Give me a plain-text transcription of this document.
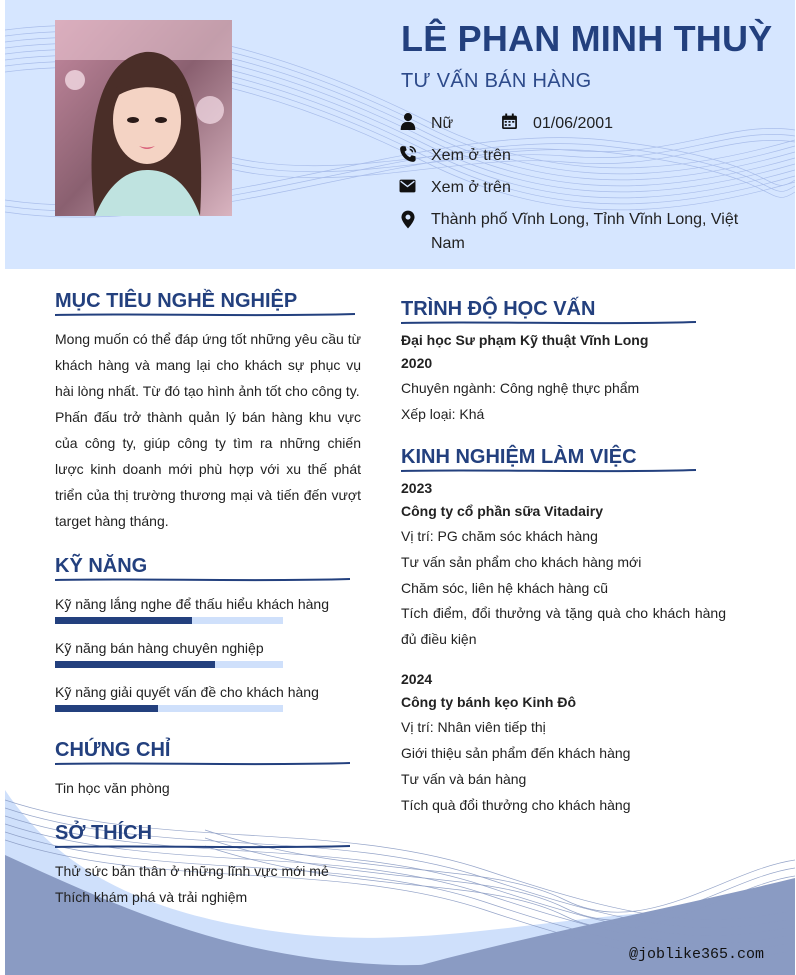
LÊ PHAN MINH THUỲ
TƯ VẤN BÁN HÀNG
Nữ	01/06/2001
Xem ở trên
Xem ở trên
Thành phố Vĩnh Long, Tỉnh Vĩnh Long, Việt Nam
MỤC TIÊU NGHỀ NGHIỆP
Mong muốn có thể đáp ứng tốt những yêu cầu từ khách hàng và mang lại cho khách sự phục vụ hài lòng nhất. Từ đó tạo hình ảnh tốt cho công ty.
Phấn đấu trở thành quản lý bán hàng khu vực của công ty, giúp công ty tìm ra những chiến lược kinh doanh mới phù hợp với xu thế phát triển của thị trường thương mại và tiến đến vượt target hàng tháng.
KỸ NĂNG
Kỹ năng lắng nghe để thấu hiểu khách hàng
Kỹ năng bán hàng chuyên nghiệp
Kỹ năng giải quyết vấn đề cho khách hàng
CHỨNG CHỈ
Tin học văn phòng
SỞ THÍCH
Thử sức bản thân ở những lĩnh vực mới mẻ
Thích khám phá và trải nghiệm
TRÌNH ĐỘ HỌC VẤN
Đại học Sư phạm Kỹ thuật Vĩnh Long
2020
Chuyên ngành: Công nghệ thực phẩm
Xếp loại: Khá
KINH NGHIỆM LÀM VIỆC
2023
Công ty cổ phần sữa Vitadairy
Vị trí: PG chăm sóc khách hàng
Tư vấn sản phẩm cho khách hàng mới
Chăm sóc, liên hệ khách hàng cũ
Tích điểm, đổi thưởng và tặng quà cho khách hàng đủ điều kiện
2024
Công ty bánh kẹo Kinh Đô
Vị trí: Nhân viên tiếp thị
Giới thiệu sản phẩm đến khách hàng
Tư vấn và bán hàng
Tích quà đổi thưởng cho khách hàng
@joblike365.com
